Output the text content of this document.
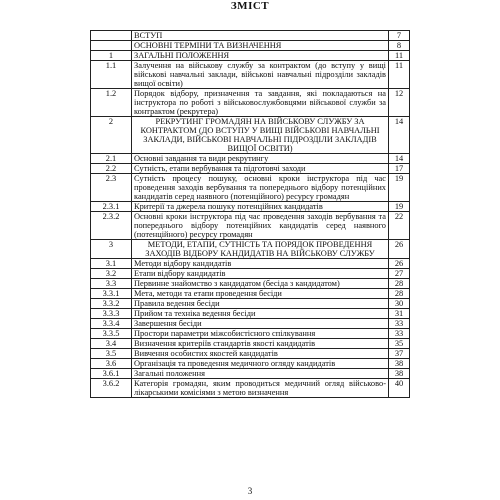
ЗМІСТ
	ВСТУП	7
	ОСНОВНІ ТЕРМІНИ ТА ВИЗНАЧЕННЯ	8
1	ЗАГАЛЬНІ ПОЛОЖЕННЯ	11
1.1	Залучення на військову службу за контрактом (до вступу у вищі військові навчальні заклади, військові навчальні підрозділи закладів вищої освіти)	11
1.2	Порядок відбору, призначення та завдання, які покладаються на інструктора по роботі з військовослужбовцями військової служби за контрактом (рекрутера)	12
2	РЕКРУТИНГ ГРОМАДЯН НА ВІЙСЬКОВУ СЛУЖБУ ЗА КОНТРАКТОМ (ДО ВСТУПУ У ВИЩІ ВІЙСЬКОВІ НАВЧАЛЬНІ ЗАКЛАДИ, ВІЙСЬКОВІ НАВЧАЛЬНІ ПІДРОЗДІЛИ ЗАКЛАДІВ ВИЩОЇ ОСВІТИ)	14
2.1	Основні завдання та види рекрутингу	14
2.2	Сутність, етапи вербування та підготовчі заходи	17
2.3	Сутність процесу пошуку, основні кроки інструктора під час проведення заходів вербування та попереднього відбору потенційних кандидатів серед наявного (потенційного) ресурсу громадян	19
2.3.1	Критерії та джерела пошуку потенційних кандидатів	19
2.3.2	Основні кроки інструктора під час проведення заходів вербування та попереднього відбору потенційних кандидатів серед наявного (потенційного) ресурсу громадян	22
3	МЕТОДИ, ЕТАПИ, СУТНІСТЬ ТА ПОРЯДОК ПРОВЕДЕННЯ ЗАХОДІВ ВІДБОРУ КАНДИДАТІВ НА ВІЙСЬКОВУ СЛУЖБУ	26
3.1	Методи відбору кандидатів	26
3.2	Етапи відбору кандидатів	27
3.3	Первинне знайомство з кандидатом (бесіда з кандидатом)	28
3.3.1	Мета, методи та етапи проведення бесіди	28
3.3.2	Правила ведення бесіди	30
3.3.3	Прийом та техніка ведення бесіди	31
3.3.4	Завершення бесіди	33
3.3.5	Простори параметри міжсобистісного спілкування	33
3.4	Визначення критеріїв стандартів якості кандидатів	35
3.5	Вивчення особистих якостей кандидатів	37
3.6	Організація та проведення медичного огляду кандидатів	38
3.6.1	Загальні положення	38
3.6.2	Категорія громадян, яким проводиться медичний огляд військово-лікарськими комісіями з метою визначення	40
3
